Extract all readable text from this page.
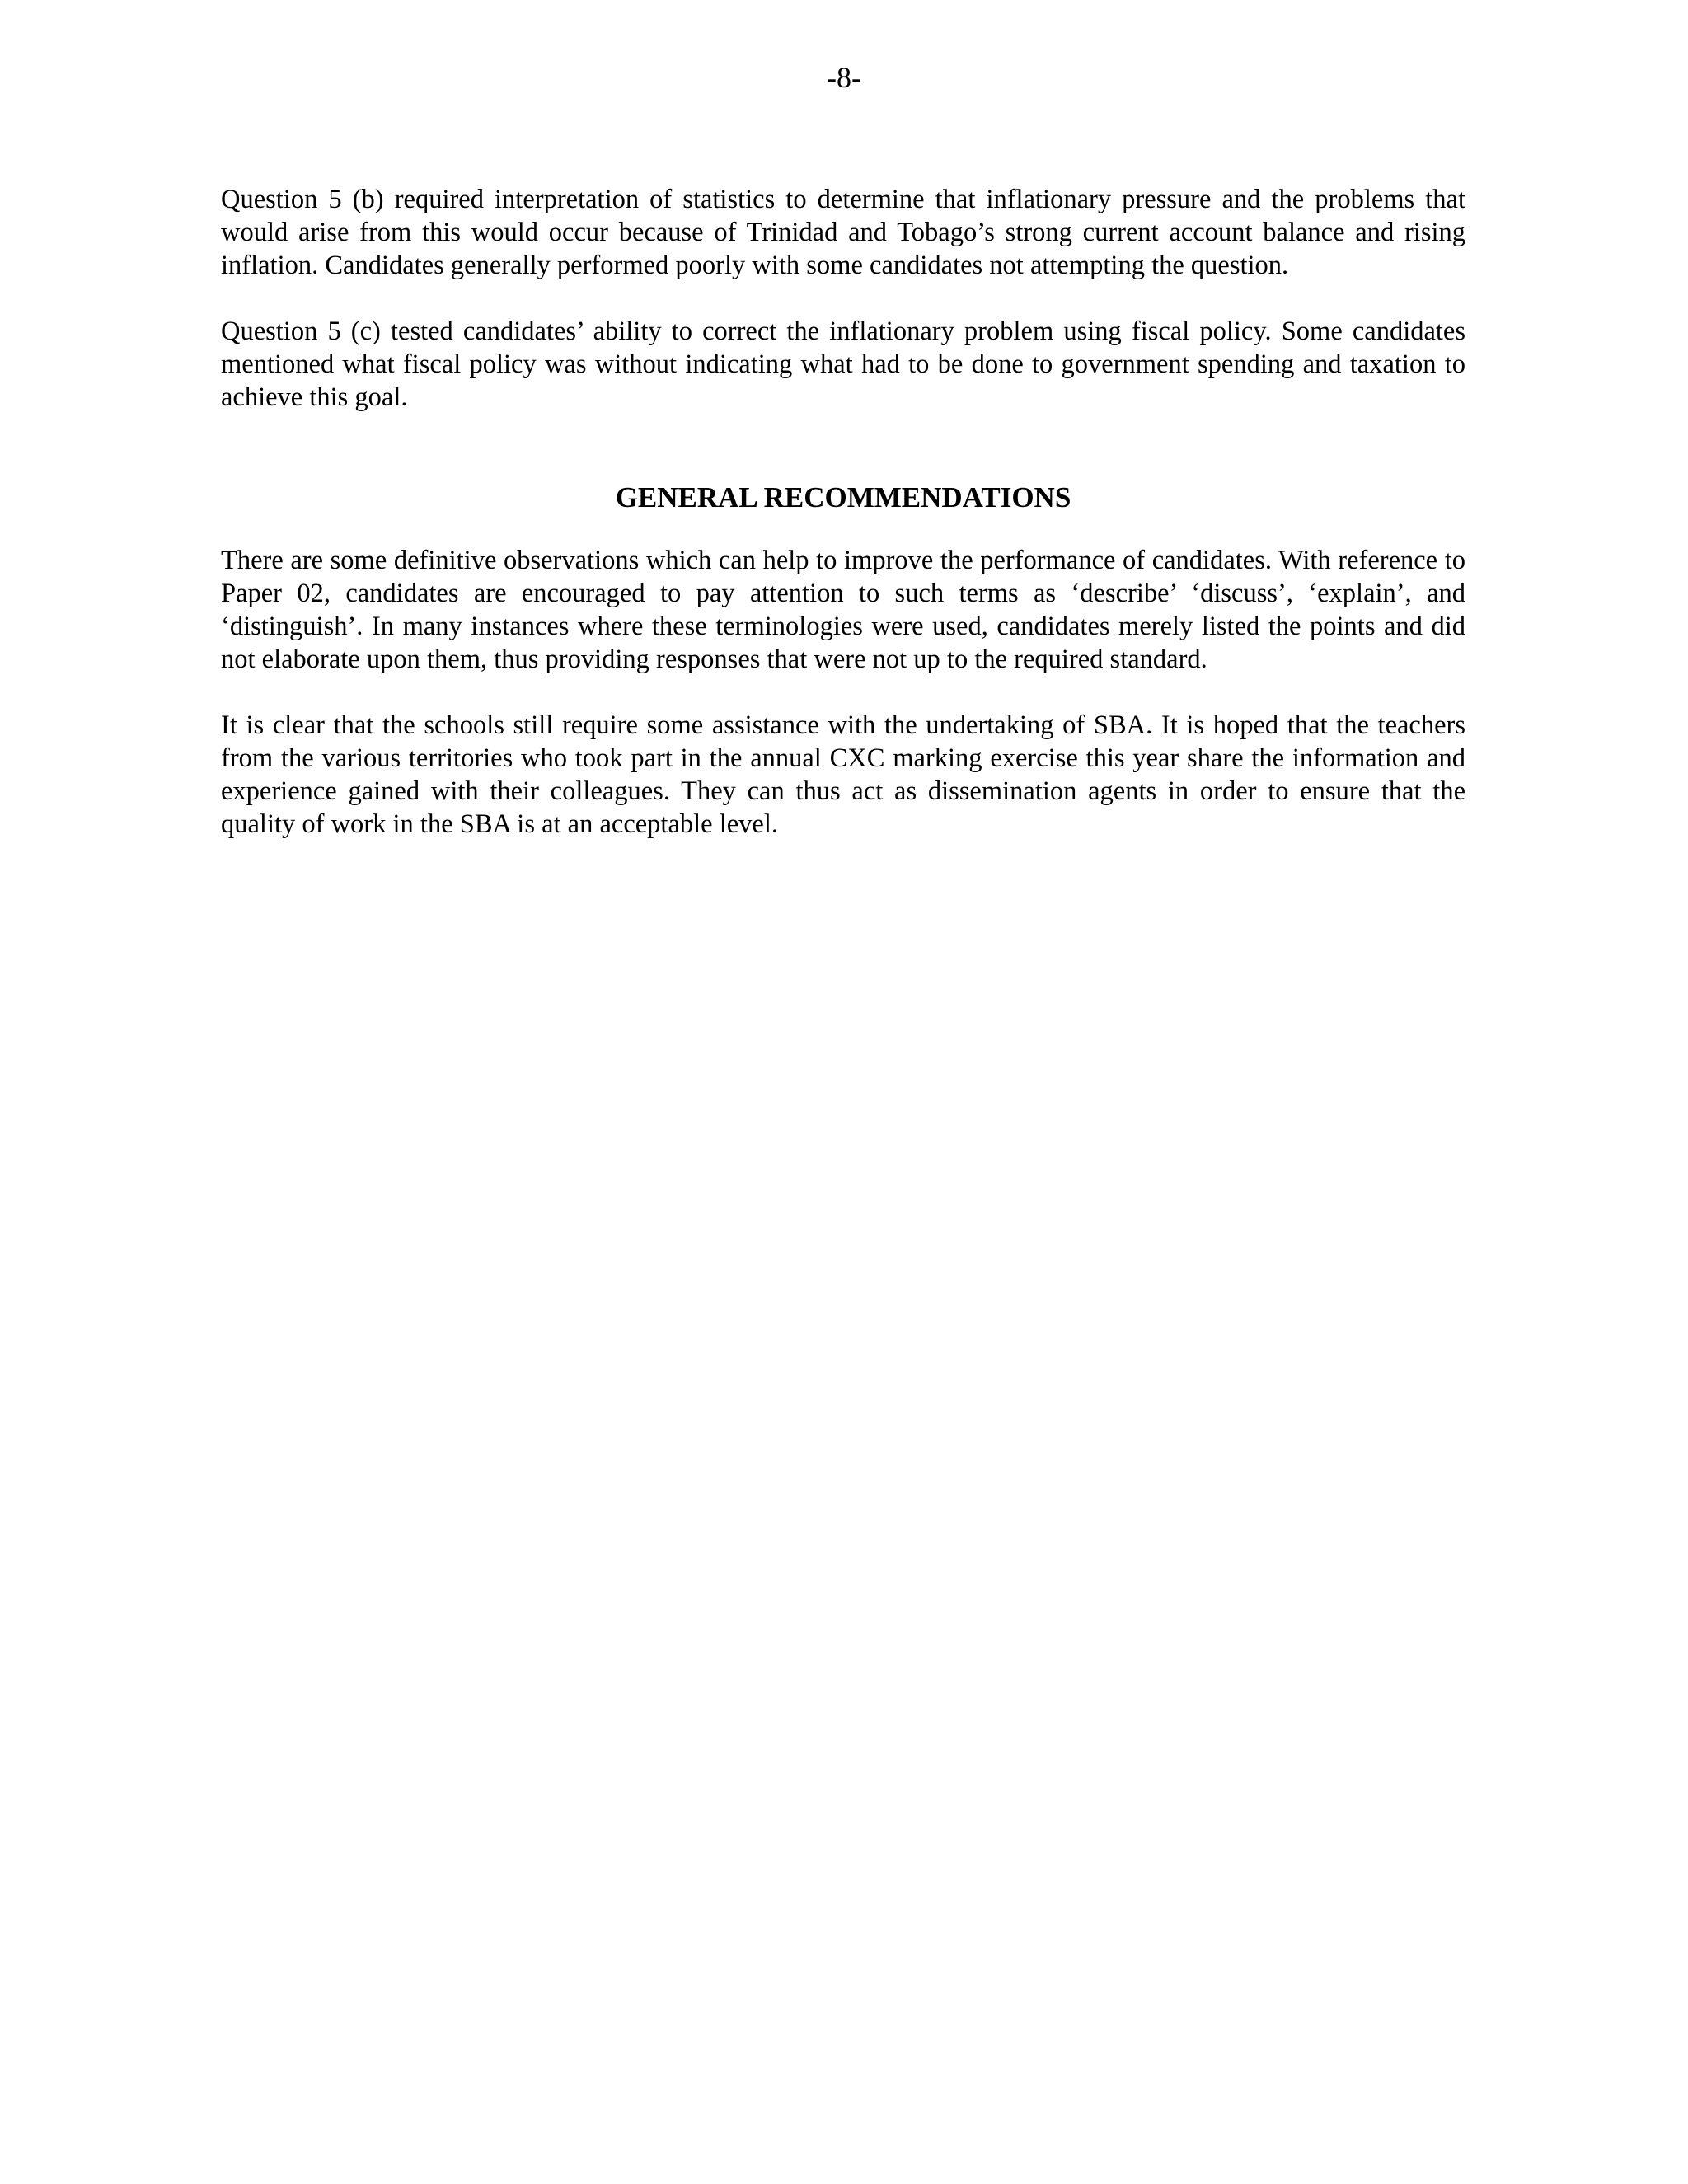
-8-

Question 5 (b) required interpretation of statistics to determine that inflationary pressure and the problems that would arise from this would occur because of Trinidad and Tobago’s strong current account balance and rising inflation. Candidates generally performed poorly with some candidates not attempting the question.

Question 5 (c) tested candidates’ ability to correct the inflationary problem using fiscal policy. Some candidates mentioned what fiscal policy was without indicating what had to be done to government spending and taxation to achieve this goal.

GENERAL RECOMMENDATIONS

There are some definitive observations which can help to improve the performance of candidates. With reference to Paper 02, candidates are encouraged to pay attention to such terms as ‘describe’ ‘discuss’, ‘explain’, and ‘distinguish’. In many instances where these terminologies were used, candidates merely listed the points and did not elaborate upon them, thus providing responses that were not up to the required standard.

It is clear that the schools still require some assistance with the undertaking of SBA. It is hoped that the teachers from the various territories who took part in the annual CXC marking exercise this year share the information and experience gained with their colleagues. They can thus act as dissemination agents in order to ensure that the quality of work in the SBA is at an acceptable level.
